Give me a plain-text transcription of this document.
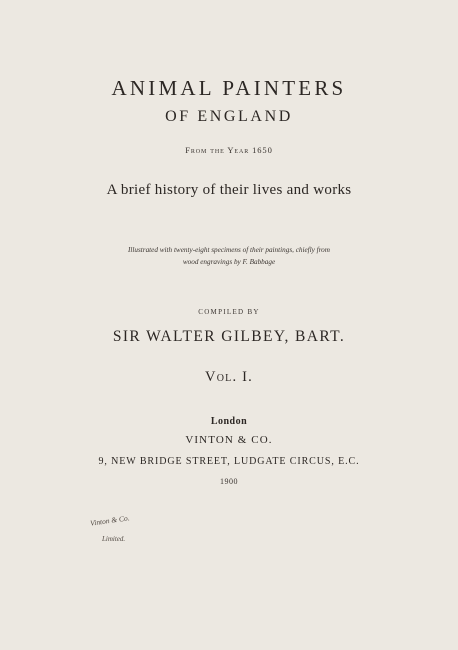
ANIMAL PAINTERS
OF ENGLAND
From the Year 1650
A brief history of their lives and works
Illustrated with twenty-eight specimens of their paintings, chiefly from
wood engravings by F. Babbage
COMPILED BY
SIR WALTER GILBEY, BART.
Vol. I.
London
VINTON & CO.
9, NEW BRIDGE STREET, LUDGATE CIRCUS, E.C.
1900
Vinton & Co.
Limited.
